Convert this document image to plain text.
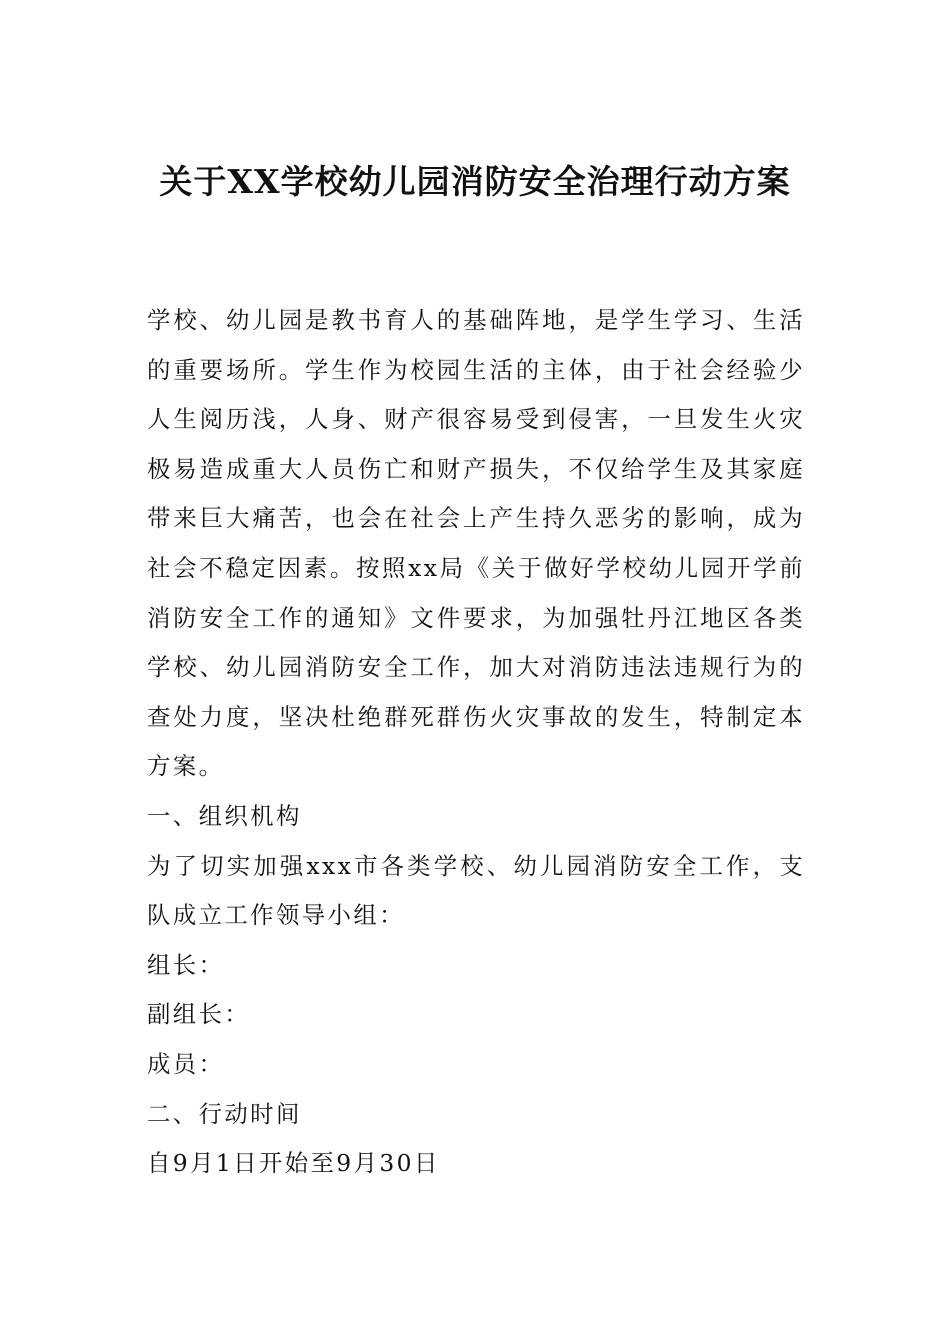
关于XX学校幼儿园消防安全治理行动方案

学校、幼儿园是教书育人的基础阵地，是学生学习、生活的重要场所。学生作为校园生活的主体，由于社会经验少人生阅历浅，人身、财产很容易受到侵害，一旦发生火灾极易造成重大人员伤亡和财产损失，不仅给学生及其家庭带来巨大痛苦，也会在社会上产生持久恶劣的影响，成为社会不稳定因素。按照xx局《关于做好学校幼儿园开学前消防安全工作的通知》文件要求，为加强牡丹江地区各类学校、幼儿园消防安全工作，加大对消防违法违规行为的查处力度，坚决杜绝群死群伤火灾事故的发生，特制定本方案。

一、组织机构

为了切实加强xxx市各类学校、幼儿园消防安全工作，支队成立工作领导小组：

组长：

副组长：

成员：

二、行动时间

自9月1日开始至9月30日
